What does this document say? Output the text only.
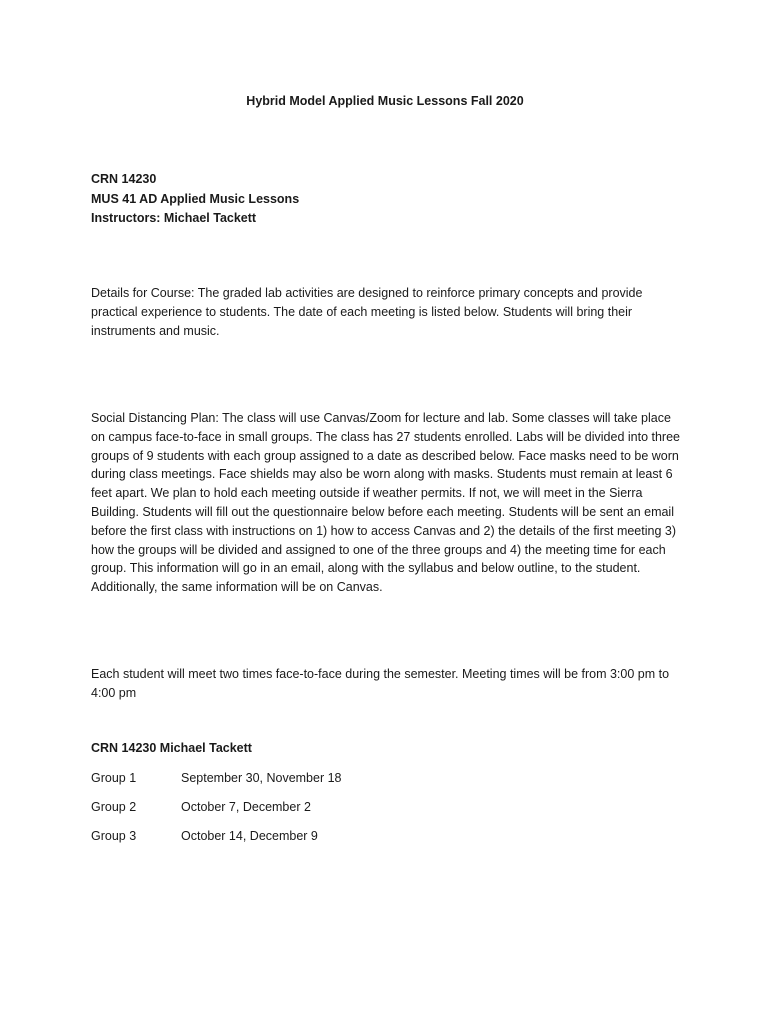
Hybrid Model Applied Music Lessons Fall 2020
CRN 14230
MUS 41 AD Applied Music Lessons
Instructors: Michael Tackett

Details for Course: The graded lab activities are designed to reinforce primary concepts and provide practical experience to students. The date of each meeting is listed below. Students will bring their instruments and music.

Social Distancing Plan: The class will use Canvas/Zoom for lecture and lab. Some classes will take place on campus face-to-face in small groups. The class has 27 students enrolled. Labs will be divided into three groups of 9 students with each group assigned to a date as described below. Face masks need to be worn during class meetings. Face shields may also be worn along with masks. Students must remain at least 6 feet apart. We plan to hold each meeting outside if weather permits. If not, we will meet in the Sierra Building. Students will fill out the questionnaire below before each meeting. Students will be sent an email before the first class with instructions on 1) how to access Canvas and 2) the details of the first meeting 3) how the groups will be divided and assigned to one of the three groups and 4) the meeting time for each group. This information will go in an email, along with the syllabus and below outline, to the student. Additionally, the same information will be on Canvas.

Each student will meet two times face-to-face during the semester. Meeting times will be from 3:00 pm to 4:00 pm

CRN 14230 Michael Tackett
Group 1	September 30, November 18
Group 2	October 7, December 2
Group 3	October 14, December 9
